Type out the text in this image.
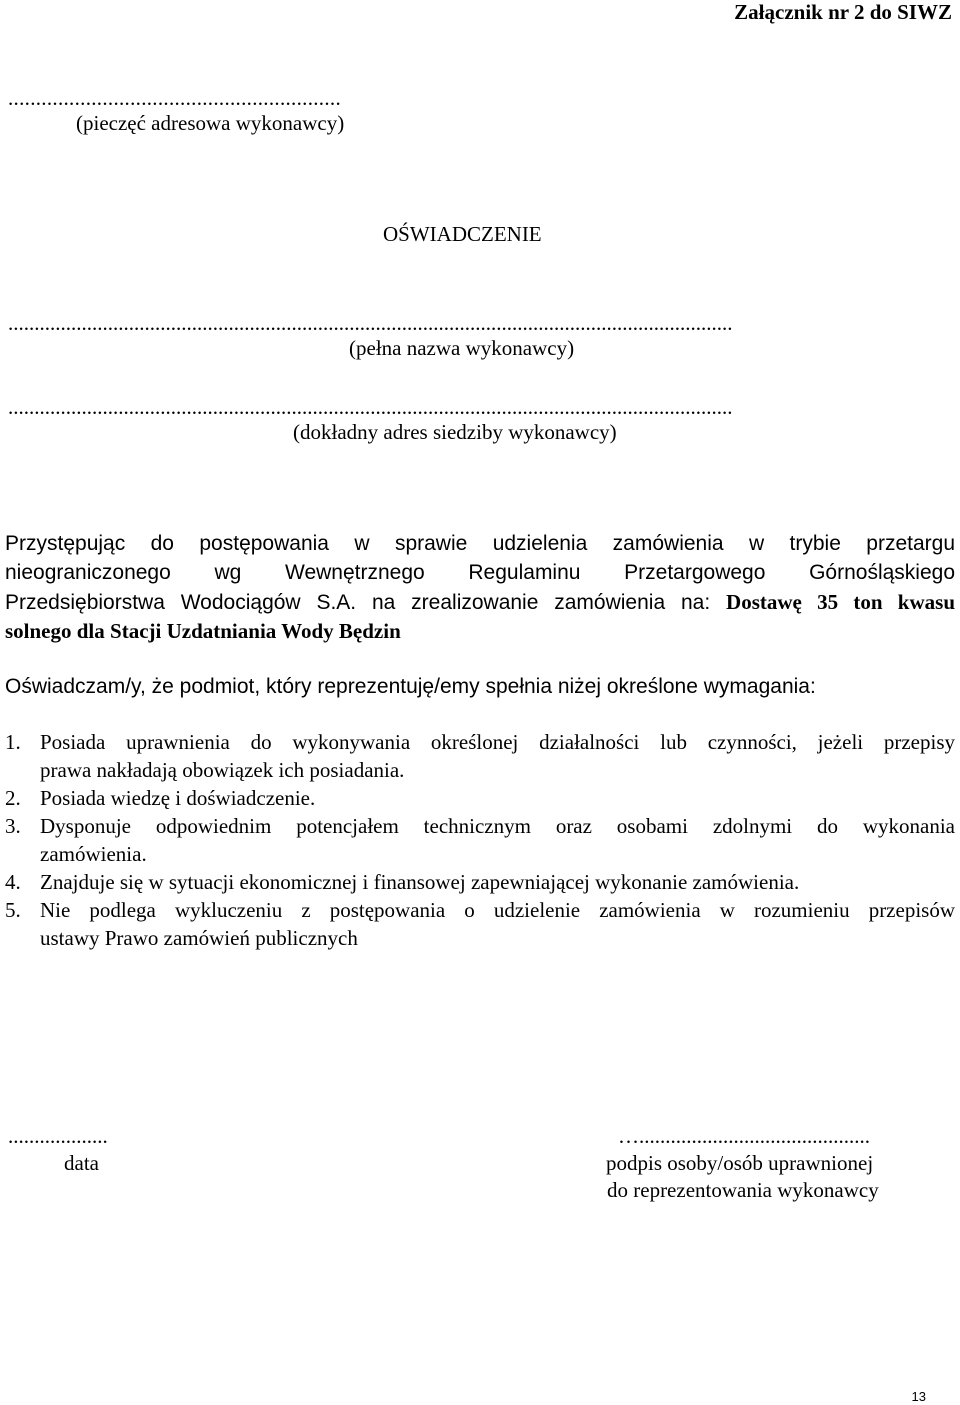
Załącznik nr 2 do SIWZ
............................................................
(pieczęć adresowa wykonawcy)
OŚWIADCZENIE
..........................................................................................................................................
(pełna nazwa wykonawcy)
..........................................................................................................................................
(dokładny adres siedziby wykonawcy)
Przystępując do postępowania w sprawie udzielenia zamówienia w trybie przetargu
nieograniczonego wg Wewnętrznego Regulaminu Przetargowego Górnośląskiego
Przedsiębiorstwa Wodociągów S.A. na zrealizowanie zamówienia na: Dostawę 35 ton kwasu
solnego dla Stacji Uzdatniania Wody Będzin
Oświadczam/y, że podmiot, który reprezentuję/emy spełnia niżej określone wymagania:
1. Posiada uprawnienia do wykonywania określonej działalności lub czynności, jeżeli przepisy
prawa nakładają obowiązek ich posiadania.
2. Posiada wiedzę i doświadczenie.
3. Dysponuje odpowiednim potencjałem technicznym oraz osobami zdolnymi do wykonania
zamówienia.
4. Znajduje się w sytuacji ekonomicznej i finansowej zapewniającej wykonanie zamówienia.
5. Nie podlega wykluczeniu z postępowania o udzielenie zamówienia w rozumieniu przepisów
ustawy Prawo zamówień publicznych
...................
data
…............................................
podpis osoby/osób uprawnionej
do reprezentowania wykonawcy
13
